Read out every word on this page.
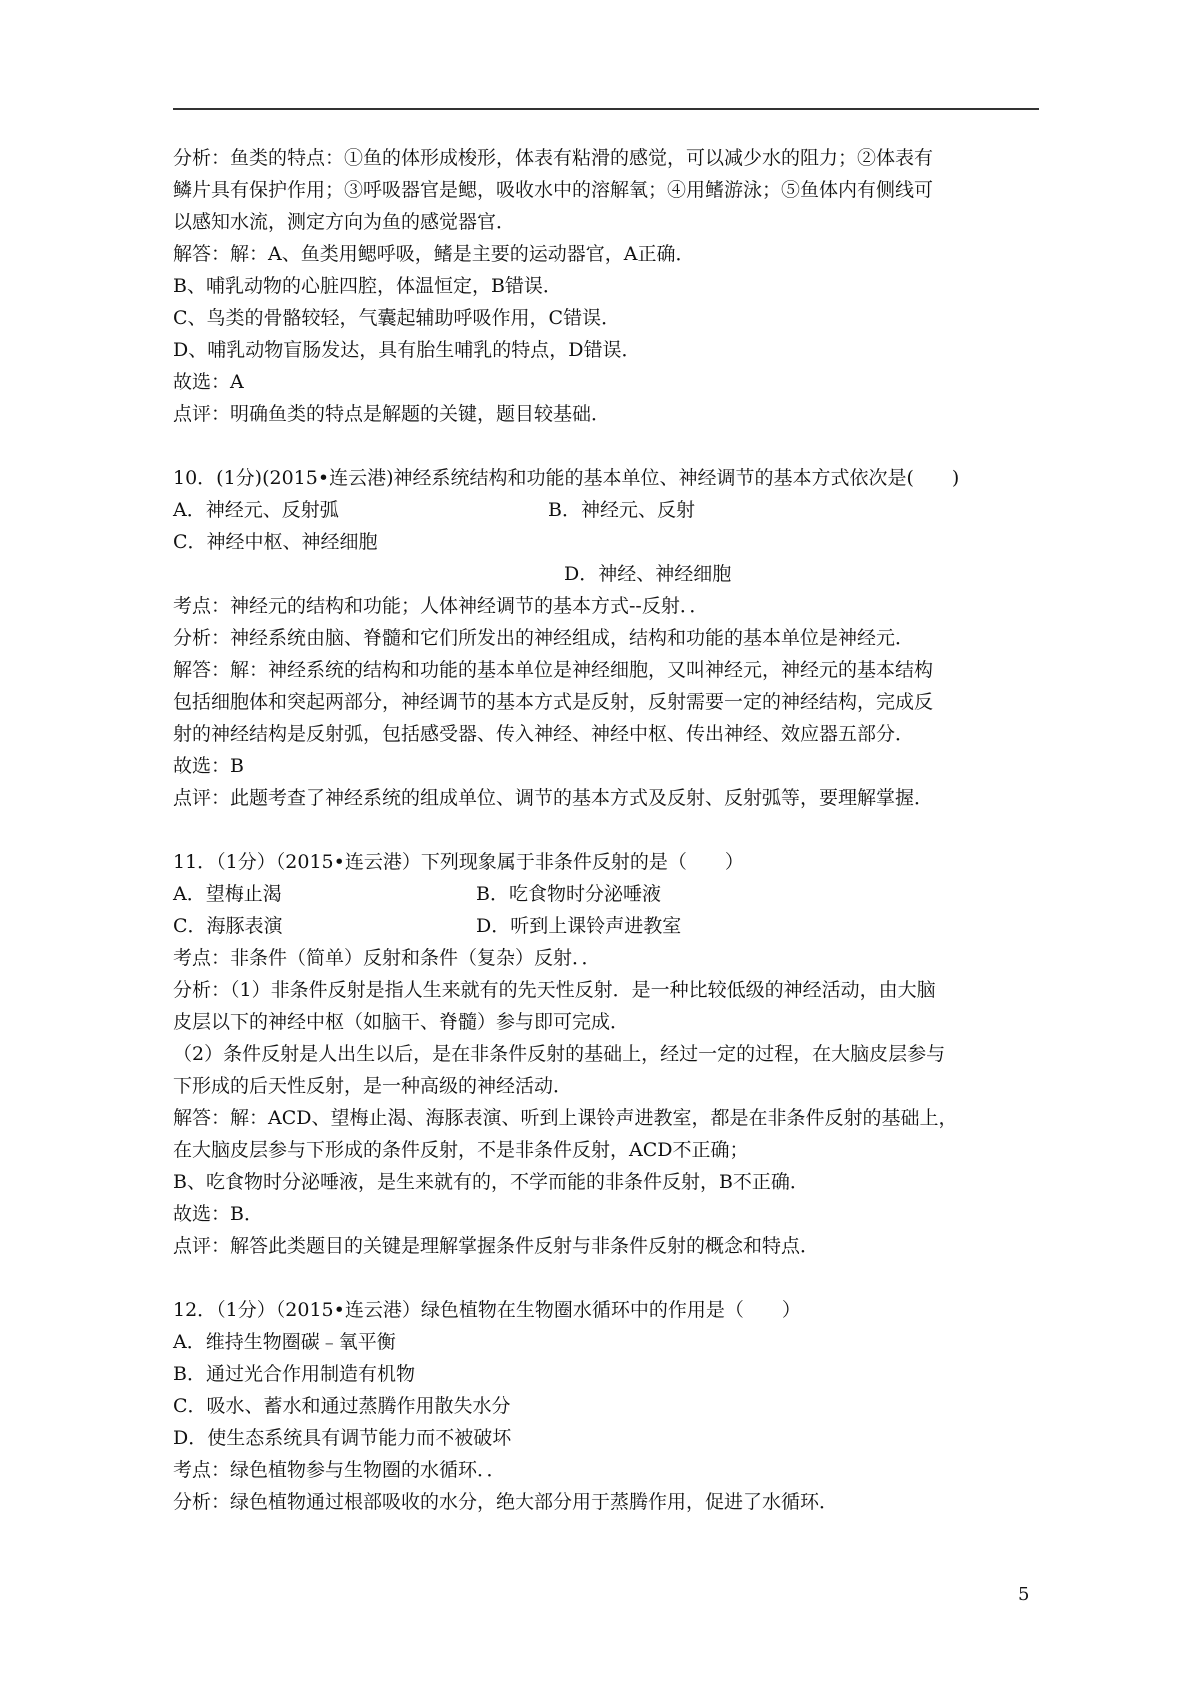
分析：鱼类的特点：①鱼的体形成梭形，体表有粘滑的感觉，可以减少水的阻力；②体表有

鳞片具有保护作用；③呼吸器官是鳃，吸收水中的溶解氧；④用鳍游泳；⑤鱼体内有侧线可

以感知水流，测定方向为鱼的感觉器官．

解答：解：A、鱼类用鳃呼吸，鳍是主要的运动器官，A正确．

B、哺乳动物的心脏四腔，体温恒定，B错误．

C、鸟类的骨骼较轻，气囊起辅助呼吸作用，C错误．

D、哺乳动物盲肠发达，具有胎生哺乳的特点，D错误．

故选：A

点评：明确鱼类的特点是解题的关键，题目较基础．

10．(1分)(2015•连云港)神经系统结构和功能的基本单位、神经调节的基本方式依次是(　　)

A．神经元、反射弧	B．神经元、反射

C．神经中枢、神经细胞

D．神经、神经细胞

考点：神经元的结构和功能；人体神经调节的基本方式--反射．．

分析：神经系统由脑、脊髓和它们所发出的神经组成，结构和功能的基本单位是神经元．

解答：解：神经系统的结构和功能的基本单位是神经细胞，又叫神经元，神经元的基本结构

包括细胞体和突起两部分，神经调节的基本方式是反射，反射需要一定的神经结构，完成反

射的神经结构是反射弧，包括感受器、传入神经、神经中枢、传出神经、效应器五部分．

故选：B

点评：此题考查了神经系统的组成单位、调节的基本方式及反射、反射弧等，要理解掌握．

11．（1分）（2015•连云港）下列现象属于非条件反射的是（　　）

A．望梅止渴	B．吃食物时分泌唾液

C．海豚表演	D．听到上课铃声进教室

考点：非条件（简单）反射和条件（复杂）反射．．

分析：（1）非条件反射是指人生来就有的先天性反射．是一种比较低级的神经活动，由大脑

皮层以下的神经中枢（如脑干、脊髓）参与即可完成．

（2）条件反射是人出生以后，是在非条件反射的基础上，经过一定的过程，在大脑皮层参与

下形成的后天性反射，是一种高级的神经活动．

解答：解：ACD、望梅止渴、海豚表演、听到上课铃声进教室，都是在非条件反射的基础上，

在大脑皮层参与下形成的条件反射，不是非条件反射，ACD不正确；

B、吃食物时分泌唾液，是生来就有的，不学而能的非条件反射，B不正确．

故选：B．

点评：解答此类题目的关键是理解掌握条件反射与非条件反射的概念和特点．

12．（1分）（2015•连云港）绿色植物在生物圈水循环中的作用是（　　）

A．维持生物圈碳﹣氧平衡

B．通过光合作用制造有机物

C．吸水、蓄水和通过蒸腾作用散失水分

D．使生态系统具有调节能力而不被破坏

考点：绿色植物参与生物圈的水循环．．

分析：绿色植物通过根部吸收的水分，绝大部分用于蒸腾作用，促进了水循环．

5
